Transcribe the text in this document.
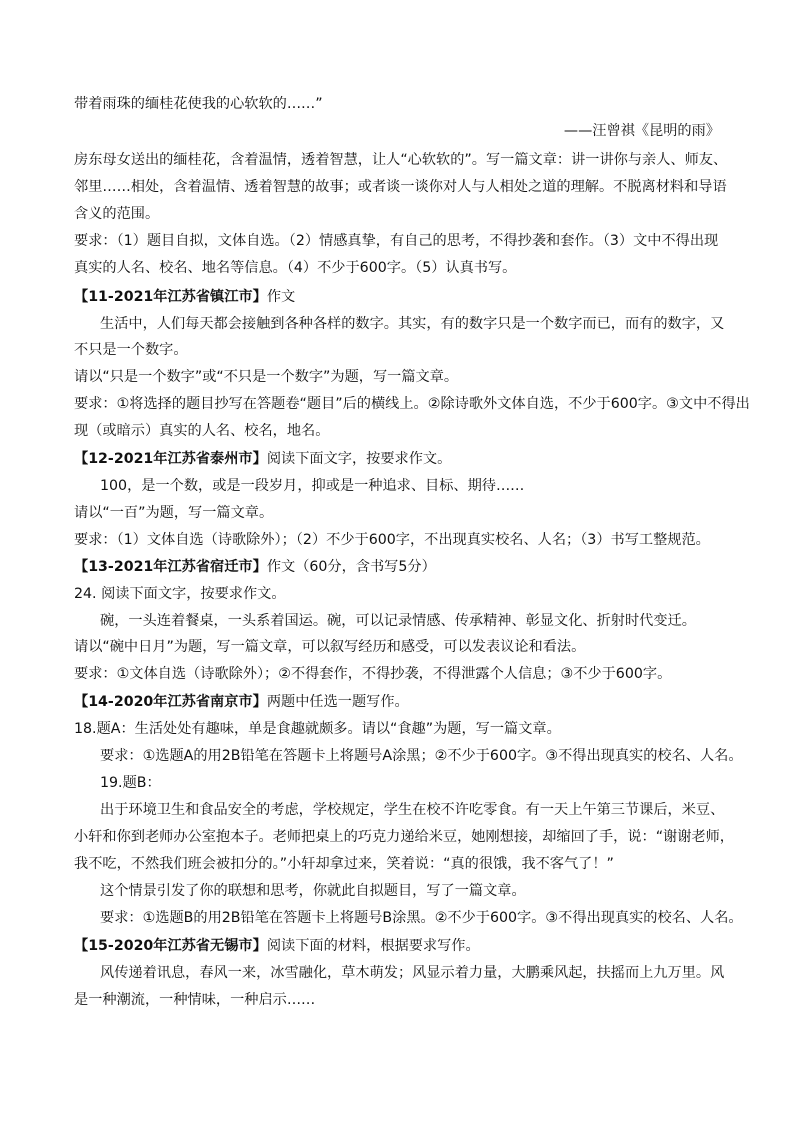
带着雨珠的缅桂花使我的心软软的……”
——汪曾祺《昆明的雨》
房东母女送出的缅桂花，含着温情，透着智慧，让人“心软软的”。写一篇文章：讲一讲你与亲人、师友、
邻里……相处，含着温情、透着智慧的故事；或者谈一谈你对人与人相处之道的理解。不脱离材料和导语
含义的范围。
要求：（1）题目自拟，文体自选。（2）情感真挚，有自己的思考，不得抄袭和套作。（3）文中不得出现
真实的人名、校名、地名等信息。（4）不少于600字。（5）认真书写。
【11-2021年江苏省镇江市】作文
生活中，人们每天都会接触到各种各样的数字。其实，有的数字只是一个数字而已，而有的数字，又
不只是一个数字。
请以“只是一个数字”或“不只是一个数字”为题，写一篇文章。
要求：①将选择的题目抄写在答题卷“题目”后的横线上。②除诗歌外文体自选，不少于600字。③文中不得出
现（或暗示）真实的人名、校名，地名。
【12-2021年江苏省泰州市】阅读下面文字，按要求作文。
100，是一个数，或是一段岁月，抑或是一种追求、目标、期待……
请以“一百”为题，写一篇文章。
要求：（1）文体自选（诗歌除外）；（2）不少于600字，不出现真实校名、人名；（3）书写工整规范。
【13-2021年江苏省宿迁市】作文（60分，含书写5分）
24. 阅读下面文字，按要求作文。
碗，一头连着餐桌，一头系着国运。碗，可以记录情感、传承精神、彰显文化、折射时代变迁。
请以“碗中日月”为题，写一篇文章，可以叙写经历和感受，可以发表议论和看法。
要求：①文体自选（诗歌除外）；②不得套作，不得抄袭，不得泄露个人信息；③不少于600字。
【14-2020年江苏省南京市】两题中任选一题写作。
18.题A：生活处处有趣味，单是食趣就颇多。请以“食趣”为题，写一篇文章。
要求：①选题A的用2B铅笔在答题卡上将题号A涂黑；②不少于600字。③不得出现真实的校名、人名。
19.题B：
出于环境卫生和食品安全的考虑，学校规定，学生在校不许吃零食。有一天上午第三节课后，米豆、
小轩和你到老师办公室抱本子。老师把桌上的巧克力递给米豆，她刚想接，却缩回了手，说：“谢谢老师，
我不吃，不然我们班会被扣分的。”小轩却拿过来，笑着说：“真的很饿，我不客气了！”
这个情景引发了你的联想和思考，你就此自拟题目，写了一篇文章。
要求：①选题B的用2B铅笔在答题卡上将题号B涂黑。②不少于600字。③不得出现真实的校名、人名。
【15-2020年江苏省无锡市】阅读下面的材料，根据要求写作。
风传递着讯息，春风一来，冰雪融化，草木萌发；风显示着力量，大鹏乘风起，扶摇而上九万里。风
是一种潮流，一种情味，一种启示……
